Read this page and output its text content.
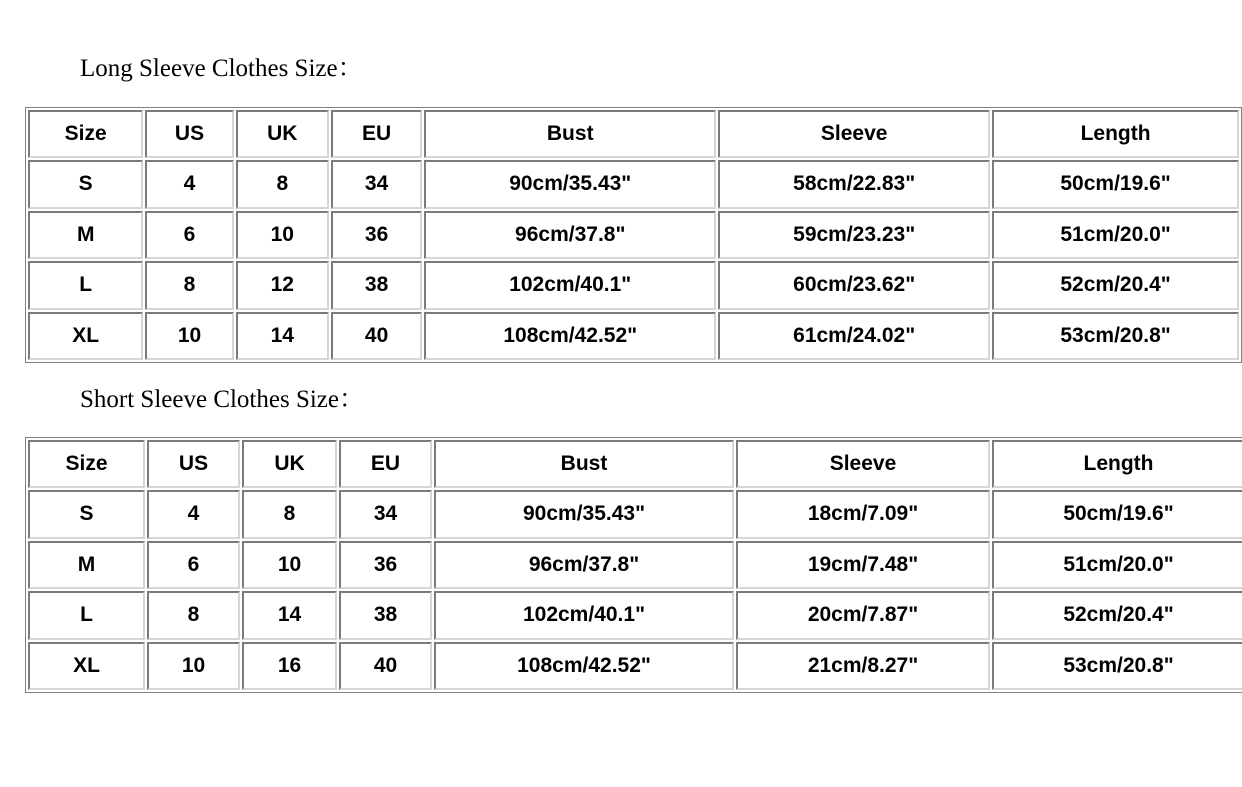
Long Sleeve Clothes Size：
Size	US	UK	EU	Bust	Sleeve	Length
S	4	8	34	90cm/35.43"	58cm/22.83"	50cm/19.6"
M	6	10	36	96cm/37.8"	59cm/23.23"	51cm/20.0"
L	8	12	38	102cm/40.1"	60cm/23.62"	52cm/20.4"
XL	10	14	40	108cm/42.52"	61cm/24.02"	53cm/20.8"
Short Sleeve Clothes Size：
Size	US	UK	EU	Bust	Sleeve	Length
S	4	8	34	90cm/35.43"	18cm/7.09"	50cm/19.6"
M	6	10	36	96cm/37.8"	19cm/7.48"	51cm/20.0"
L	8	14	38	102cm/40.1"	20cm/7.87"	52cm/20.4"
XL	10	16	40	108cm/42.52"	21cm/8.27"	53cm/20.8"
